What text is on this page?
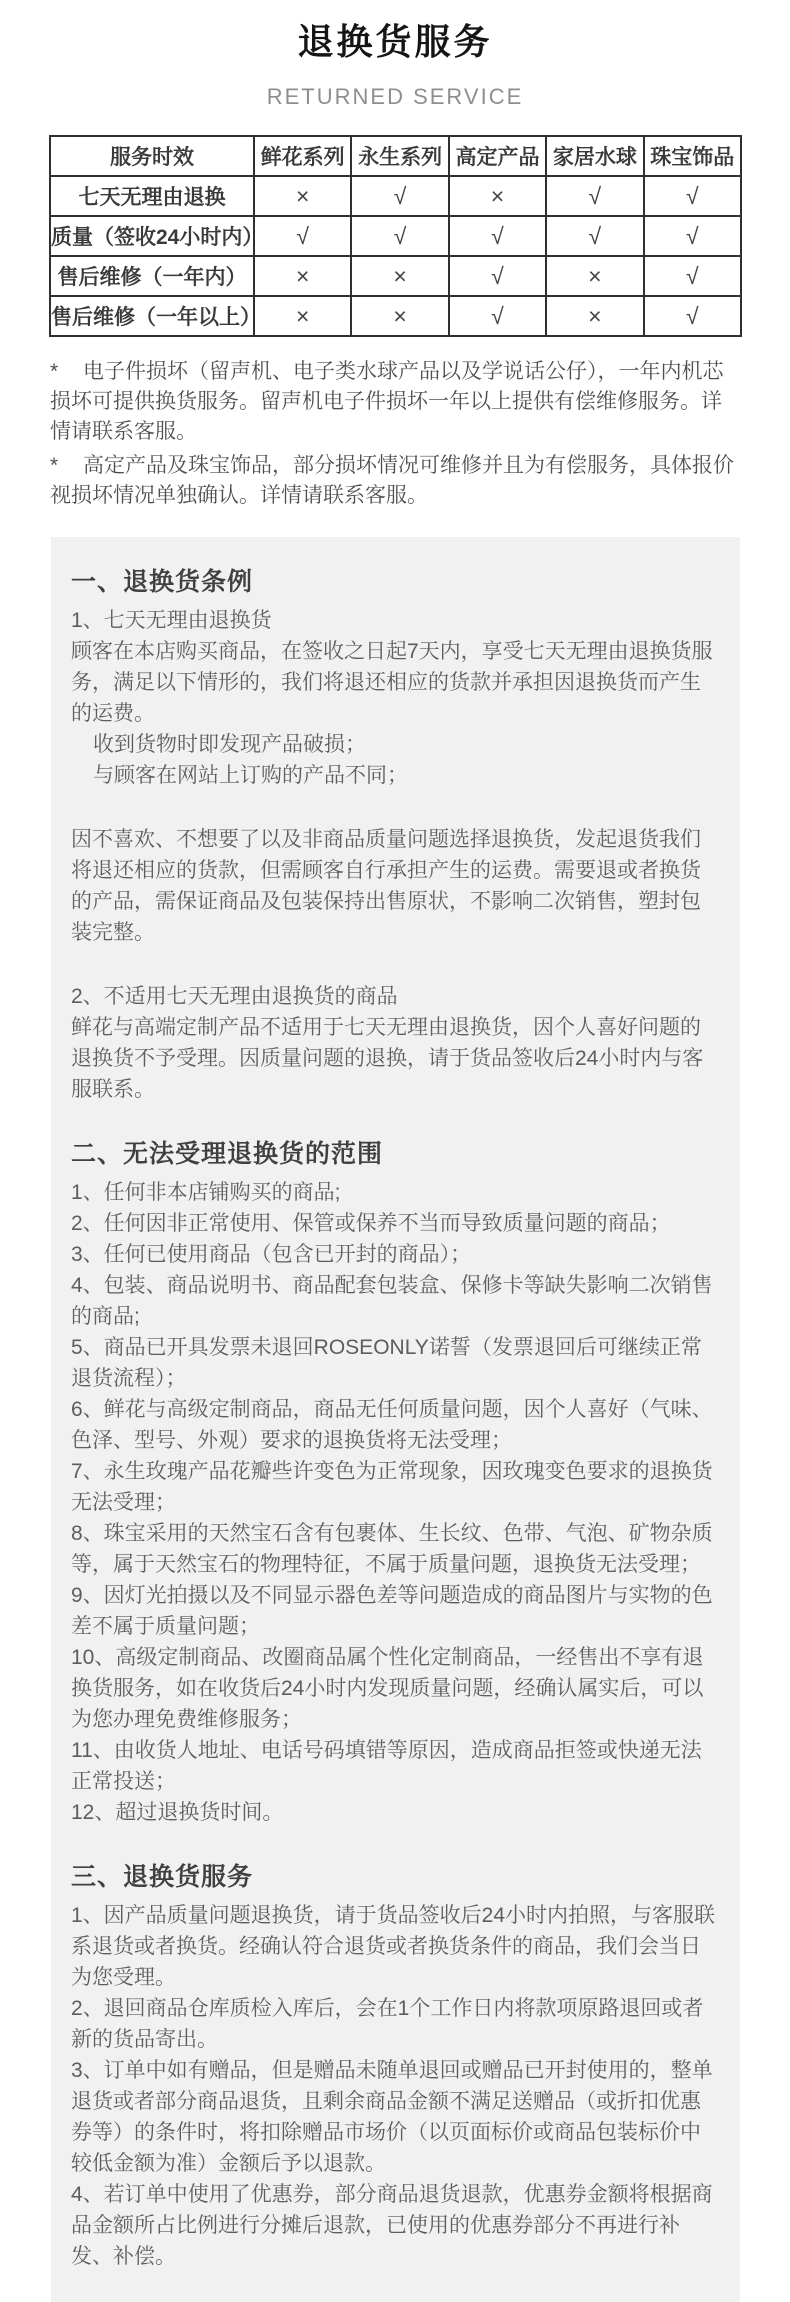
退换货服务
RETURNED SERVICE
服务时效	鲜花系列	永生系列	高定产品	家居水球	珠宝饰品
七天无理由退换	×	√	×	√	√
质量（签收24小时内）	√	√	√	√	√
售后维修（一年内）	×	×	√	×	√
售后维修（一年以上）	×	×	√	×	√

* 电子件损坏（留声机、电子类水球产品以及学说话公仔），一年内机芯损坏可提供换货服务。留声机电子件损坏一年以上提供有偿维修服务。详情请联系客服。

* 高定产品及珠宝饰品，部分损坏情况可维修并且为有偿服务，具体报价视损坏情况单独确认。详情请联系客服。

一、退换货条例

1、七天无理由退换货

顾客在本店购买商品，在签收之日起7天内，享受七天无理由退换货服务，满足以下情形的，我们将退还相应的货款并承担因退换货而产生的运费。

收到货物时即发现产品破损；

与顾客在网站上订购的产品不同；

因不喜欢、不想要了以及非商品质量问题选择退换货，发起退货我们将退还相应的货款，但需顾客自行承担产生的运费。需要退或者换货的产品，需保证商品及包装保持出售原状，不影响二次销售，塑封包装完整。

2、不适用七天无理由退换货的商品

鲜花与高端定制产品不适用于七天无理由退换货，因个人喜好问题的退换货不予受理。因质量问题的退换，请于货品签收后24小时内与客服联系。

二、无法受理退换货的范围

1、任何非本店铺购买的商品;

2、任何因非正常使用、保管或保养不当而导致质量问题的商品；

3、任何已使用商品（包含已开封的商品）；

4、包装、商品说明书、商品配套包装盒、保修卡等缺失影响二次销售的商品;

5、商品已开具发票未退回ROSEONLY诺誓（发票退回后可继续正常退货流程）；

6、鲜花与高级定制商品，商品无任何质量问题，因个人喜好（气味、色泽、型号、外观）要求的退换货将无法受理；

7、永生玫瑰产品花瓣些许变色为正常现象，因玫瑰变色要求的退换货无法受理；

8、珠宝采用的天然宝石含有包裹体、生长纹、色带、气泡、矿物杂质等，属于天然宝石的物理特征，不属于质量问题，退换货无法受理；

9、因灯光拍摄以及不同显示器色差等问题造成的商品图片与实物的色差不属于质量问题；

10、高级定制商品、改圈商品属个性化定制商品，一经售出不享有退换货服务，如在收货后24小时内发现质量问题，经确认属实后，可以为您办理免费维修服务；

11、由收货人地址、电话号码填错等原因，造成商品拒签或快递无法正常投送；

12、超过退换货时间。

三、退换货服务

1、因产品质量问题退换货，请于货品签收后24小时内拍照，与客服联系退货或者换货。经确认符合退货或者换货条件的商品，我们会当日为您受理。

2、退回商品仓库质检入库后，会在1个工作日内将款项原路退回或者新的货品寄出。

3、订单中如有赠品，但是赠品未随单退回或赠品已开封使用的，整单退货或者部分商品退货，且剩余商品金额不满足送赠品（或折扣优惠券等）的条件时，将扣除赠品市场价（以页面标价或商品包装标价中较低金额为准）金额后予以退款。

4、若订单中使用了优惠券，部分商品退货退款，优惠券金额将根据商品金额所占比例进行分摊后退款，已使用的优惠券部分不再进行补发、补偿。
